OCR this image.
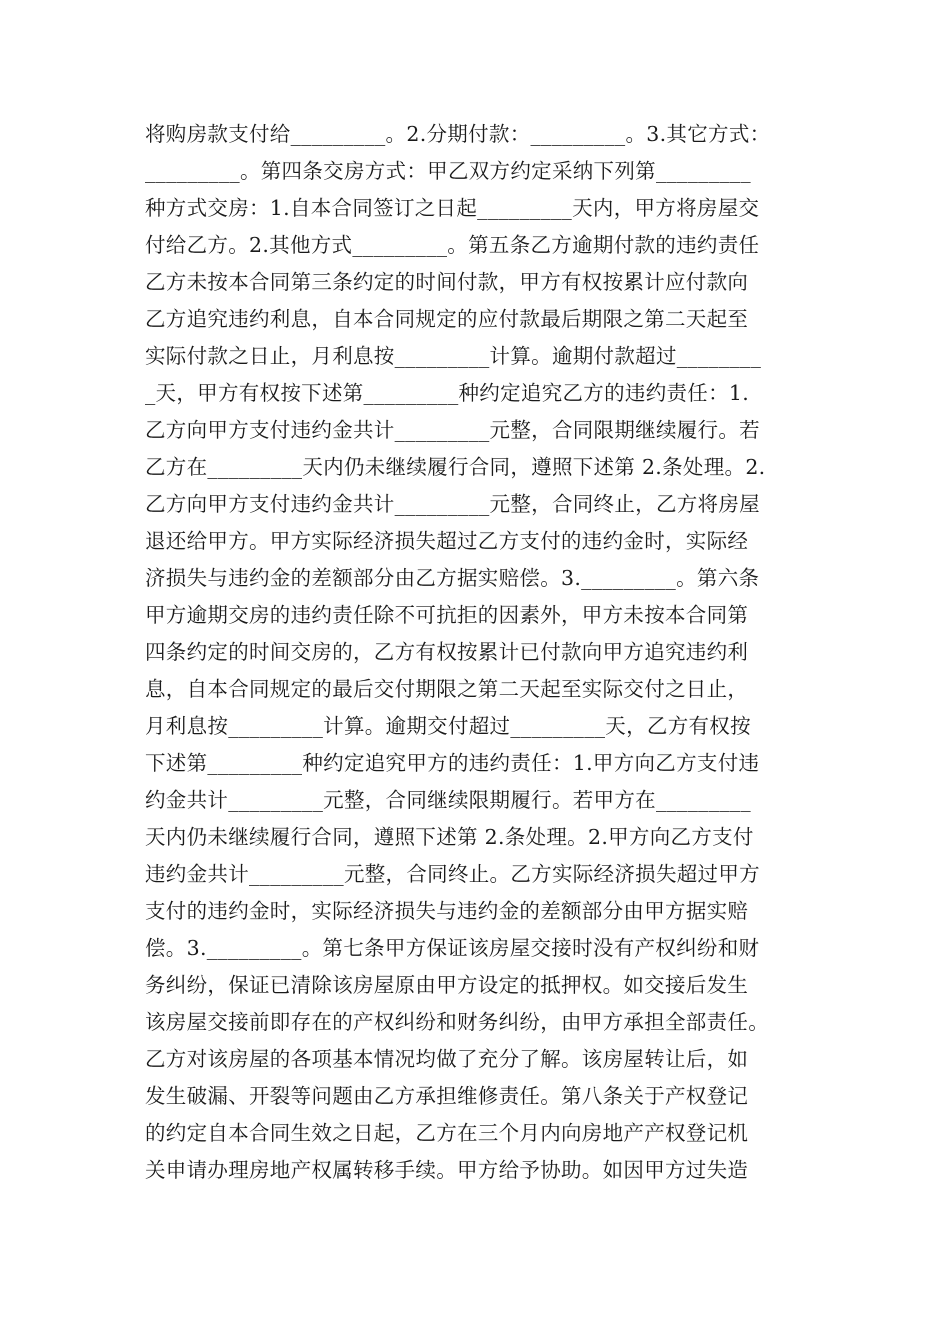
将购房款支付给_________。2.分期付款：_________。3.其它方式：
_________。第四条交房方式：甲乙双方约定采纳下列第_________
种方式交房：1.自本合同签订之日起_________天内，甲方将房屋交
付给乙方。2.其他方式_________。第五条乙方逾期付款的违约责任
乙方未按本合同第三条约定的时间付款，甲方有权按累计应付款向
乙方追究违约利息，自本合同规定的应付款最后期限之第二天起至
实际付款之日止，月利息按_________计算。逾期付款超过________
_天，甲方有权按下述第_________种约定追究乙方的违约责任：1.
乙方向甲方支付违约金共计_________元整，合同限期继续履行。若
乙方在_________天内仍未继续履行合同，遵照下述第 2.条处理。2.
乙方向甲方支付违约金共计_________元整，合同终止，乙方将房屋
退还给甲方。甲方实际经济损失超过乙方支付的违约金时，实际经
济损失与违约金的差额部分由乙方据实赔偿。3._________。第六条
甲方逾期交房的违约责任除不可抗拒的因素外，甲方未按本合同第
四条约定的时间交房的，乙方有权按累计已付款向甲方追究违约利
息，自本合同规定的最后交付期限之第二天起至实际交付之日止，
月利息按_________计算。逾期交付超过_________天，乙方有权按
下述第_________种约定追究甲方的违约责任：1.甲方向乙方支付违
约金共计_________元整，合同继续限期履行。若甲方在_________
天内仍未继续履行合同，遵照下述第 2.条处理。2.甲方向乙方支付
违约金共计_________元整，合同终止。乙方实际经济损失超过甲方
支付的违约金时，实际经济损失与违约金的差额部分由甲方据实赔
偿。3._________。第七条甲方保证该房屋交接时没有产权纠纷和财
务纠纷，保证已清除该房屋原由甲方设定的抵押权。如交接后发生
该房屋交接前即存在的产权纠纷和财务纠纷，由甲方承担全部责任。
乙方对该房屋的各项基本情况均做了充分了解。该房屋转让后，如
发生破漏、开裂等问题由乙方承担维修责任。第八条关于产权登记
的约定自本合同生效之日起，乙方在三个月内向房地产产权登记机
关申请办理房地产权属转移手续。甲方给予协助。如因甲方过失造
